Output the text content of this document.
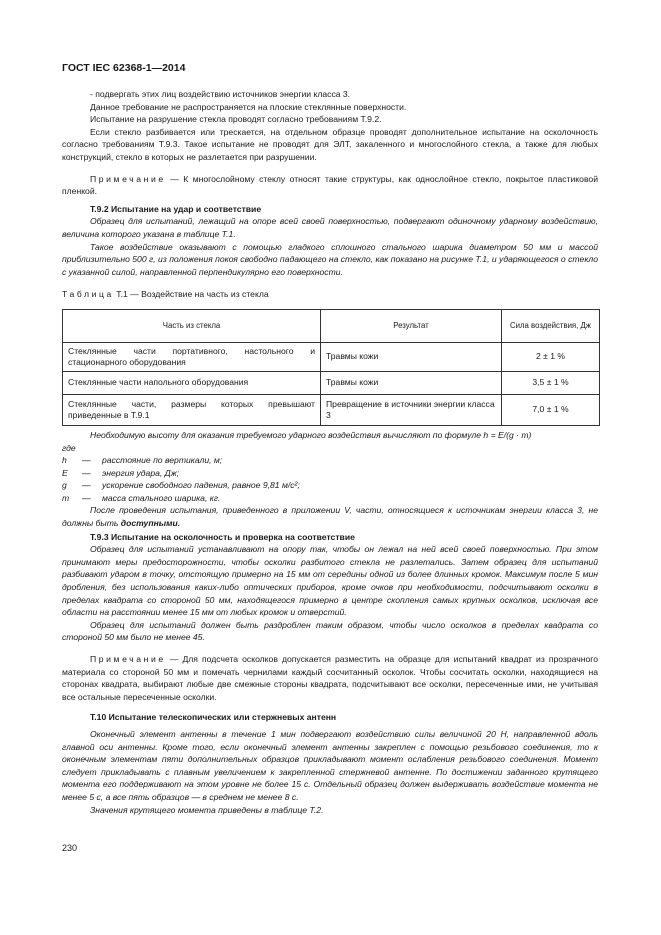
ГОСТ IEC 62368-1—2014

- подвергать этих лиц воздействию источников энергии класса 3.

Данное требование не распространяется на плоские стеклянные поверхности.

Испытание на разрушение стекла проводят согласно требованиям Т.9.2.

Если стекло разбивается или трескается, на отдельном образце проводят дополнительное испытание на осколочность согласно требованиям Т.9.3. Такое испытание не проводят для ЭЛТ, закаленного и многослойного стекла, а также для любых конструкций, стекло в которых не разлетается при разрушении.

Примечание — К многослойному стеклу относят такие структуры, как однослойное стекло, покрытое пластиковой пленкой.

Т.9.2 Испытание на удар и соответствие

Образец для испытаний, лежащий на опоре всей своей поверхностью, подвергают одиночному ударному воздействию, величина которого указана в таблице Т.1.

Такое воздействие оказывают с помощью гладкого сплошного стального шарика диаметром 50 мм и массой приблизительно 500 г, из положения покоя свободно падающего на стекло, как показано на рисунке Т.1, и ударяющегося о стекло с указанной силой, направленной перпендикулярно его поверхности.

Таблица Т.1 — Воздействие на часть из стекла

Часть из стекла	Результат	Сила воздействия, Дж
Стеклянные части портативного, настольного и стационарного оборудования	Травмы кожи	2 ± 1 %
Стеклянные части напольного оборудования	Травмы кожи	3,5 ± 1 %
Стеклянные части, размеры которых превышают приведенные в Т.9.1	Превращение в источники энергии класса 3	7,0 ± 1 %

Необходимую высоту для оказания требуемого ударного воздействия вычисляют по формуле h = E/(g · m)

где

h	—	расстояние по вертикали, м;
E	—	энергия удара, Дж;
g	—	ускорение свободного падения, равное 9,81 м/с²;
m	—	масса стального шарика, кг.

После проведения испытания, приведенного в приложении V, части, относящиеся к источникам энергии класса 3, не должны быть доступными.

Т.9.3 Испытание на осколочность и проверка на соответствие

Образец для испытаний устанавливают на опору так, чтобы он лежал на ней всей своей поверхностью. При этом принимают меры предосторожности, чтобы осколки разбитого стекла не разлетались. Затем образец для испытаний разбивают ударом в точку, отстоящую примерно на 15 мм от середины одной из более длинных кромок. Максимум после 5 мин дробления, без использования каких-либо оптических приборов, кроме очков при необходимости, подсчитывают осколки в пределах квадрата со стороной 50 мм, находящегося примерно в центре скопления самых крупных осколков, исключая все области на расстоянии менее 15 мм от любых кромок и отверстий.

Образец для испытаний должен быть раздроблен таким образом, чтобы число осколков в пределах квадрата со стороной 50 мм было не менее 45.

Примечание — Для подсчета осколков допускается разместить на образце для испытаний квадрат из прозрачного материала со стороной 50 мм и помечать чернилами каждый сосчитанный осколок. Чтобы сосчитать осколки, находящиеся на сторонах квадрата, выбирают любые две смежные стороны квадрата, подсчитывают все осколки, пересеченные ими, не учитывая все остальные пересеченные осколки.

Т.10 Испытание телескопических или стержневых антенн

Оконечный элемент антенны в течение 1 мин подвергают воздействию силы величиной 20 Н, направленной вдоль главной оси антенны. Кроме того, если оконечный элемент антенны закреплен с помощью резьбового соединения, то к оконечным элементам пяти дополнительных образцов прикладывают момент ослабления резьбового соединения. Момент следует прикладывать с плавным увеличением к закрепленной стержневой антенне. По достижении заданного крутящего момента его поддерживают на этом уровне не более 15 с. Отдельный образец должен выдерживать воздействие момента не менее 5 с, а все пять образцов — в среднем не менее 8 с.

Значения крутящего момента приведены в таблице Т.2.

230
